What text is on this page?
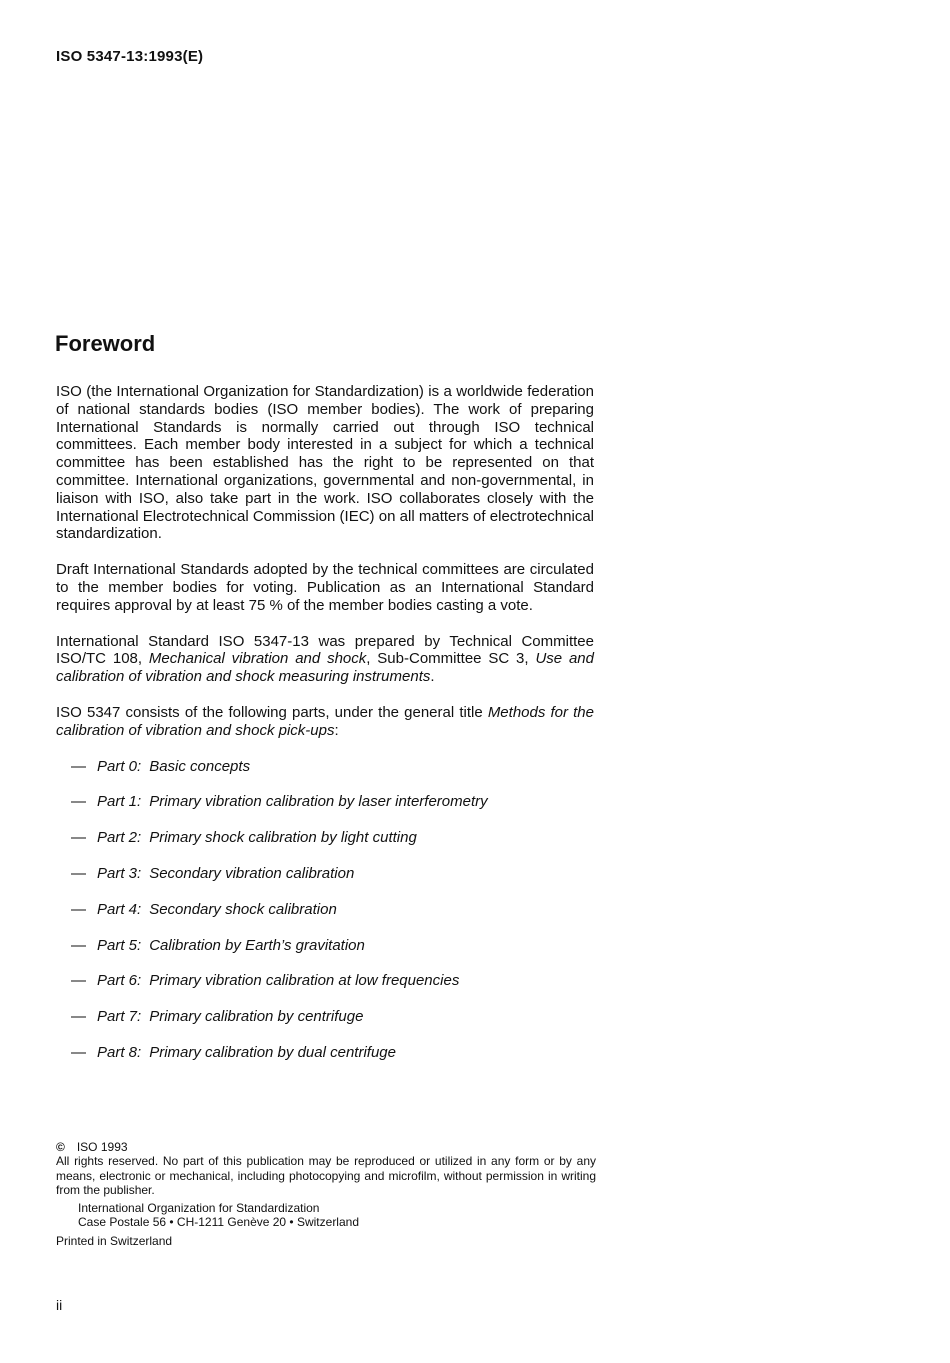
ISO 5347-13:1993(E)
Foreword

ISO (the International Organization for Standardization) is a worldwide federation of national standards bodies (ISO member bodies). The work of preparing International Standards is normally carried out through ISO technical committees. Each member body interested in a subject for which a technical committee has been established has the right to be represented on that committee. International organizations, governmental and non-governmental, in liaison with ISO, also take part in the work. ISO collaborates closely with the International Electrotechnical Commission (IEC) on all matters of electrotechnical standardization.

Draft International Standards adopted by the technical committees are circulated to the member bodies for voting. Publication as an International Standard requires approval by at least 75 % of the member bodies casting a vote.

International Standard ISO 5347-13 was prepared by Technical Committee ISO/TC 108, Mechanical vibration and shock, Sub-Committee SC 3, Use and calibration of vibration and shock measuring instruments.

ISO 5347 consists of the following parts, under the general title Methods for the calibration of vibration and shock pick-ups:

— Part 0: Basic concepts
— Part 1: Primary vibration calibration by laser interferometry
— Part 2: Primary shock calibration by light cutting
— Part 3: Secondary vibration calibration
— Part 4: Secondary shock calibration
— Part 5: Calibration by Earth’s gravitation
— Part 6: Primary vibration calibration at low frequencies
— Part 7: Primary calibration by centrifuge
— Part 8: Primary calibration by dual centrifuge
© ISO 1993
All rights reserved. No part of this publication may be reproduced or utilized in any form or by any means, electronic or mechanical, including photocopying and microfilm, without permission in writing from the publisher.
International Organization for Standardization
Case Postale 56 • CH-1211 Genève 20 • Switzerland
Printed in Switzerland
ii
